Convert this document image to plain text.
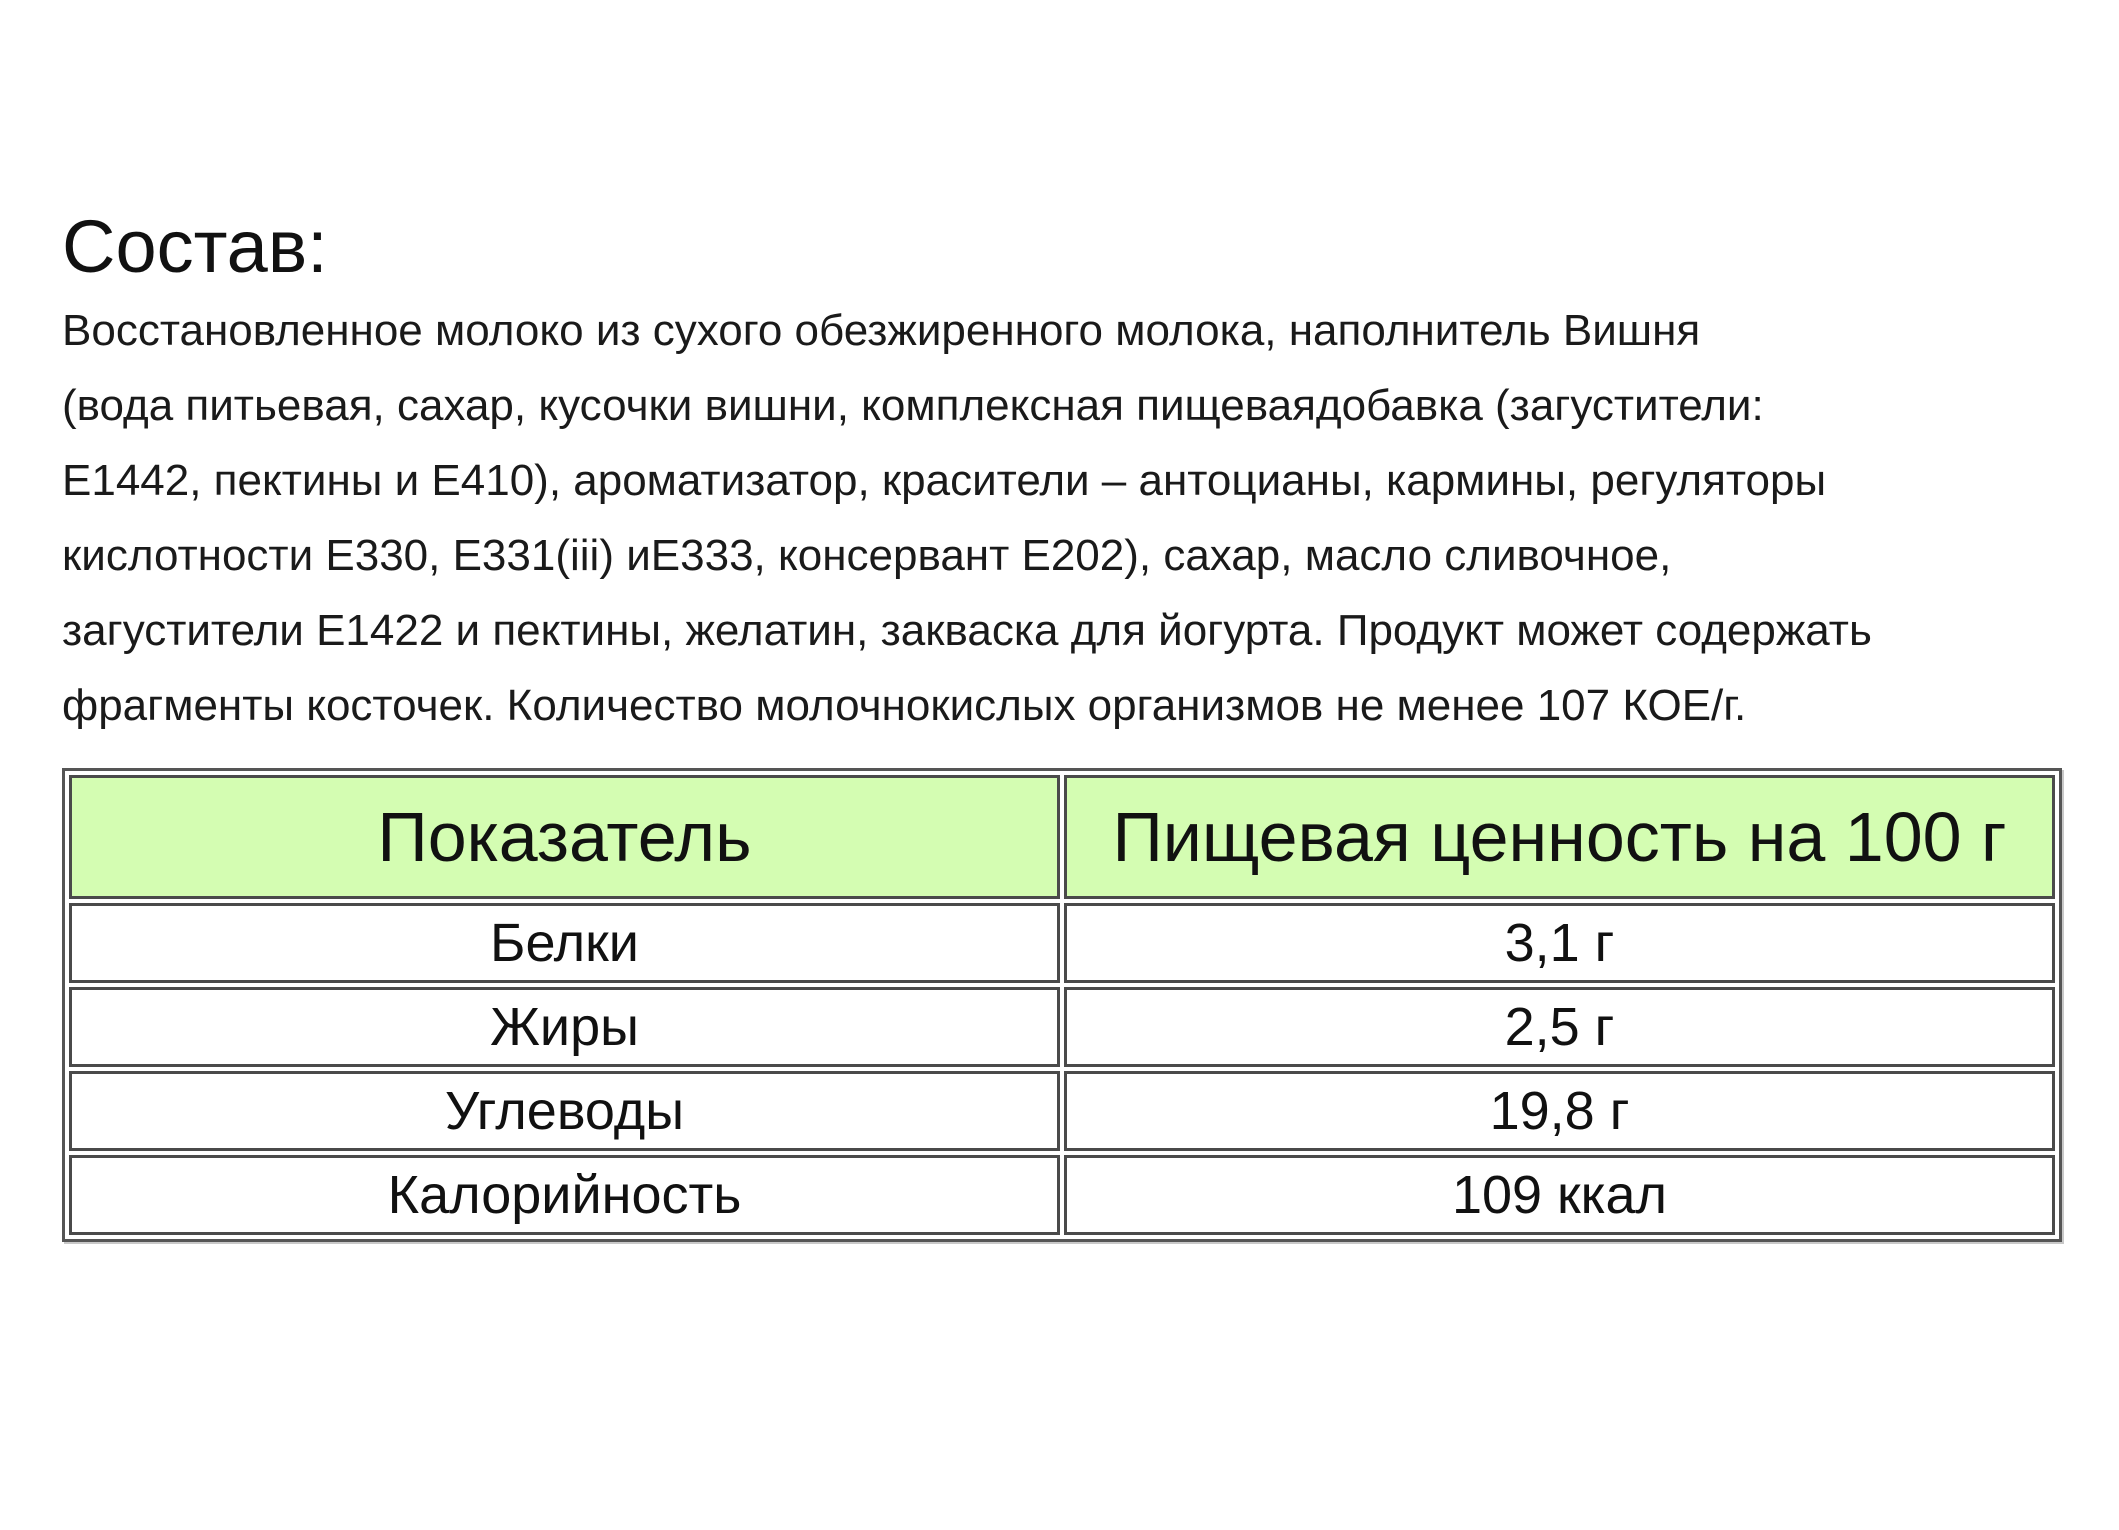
Состав:
Восстановленное молоко из сухого обезжиренного молока, наполнитель Вишня
(вода питьевая, сахар, кусочки вишни, комплексная пищеваядобавка (загустители:
Е1442, пектины и Е410), ароматизатор, красители – антоцианы, кармины, регуляторы
кислотности Е330, Е331(iii) иЕ333, консервант Е202), сахар, масло сливочное,
загустители Е1422 и пектины, желатин, закваска для йогурта. Продукт может содержать
фрагменты косточек. Количество молочнокислых организмов не менее 107 КОЕ/г.
Показатель	Пищевая ценность на 100 г
Белки	3,1 г
Жиры	2,5 г
Углеводы	19,8 г
Калорийность	109 ккал
